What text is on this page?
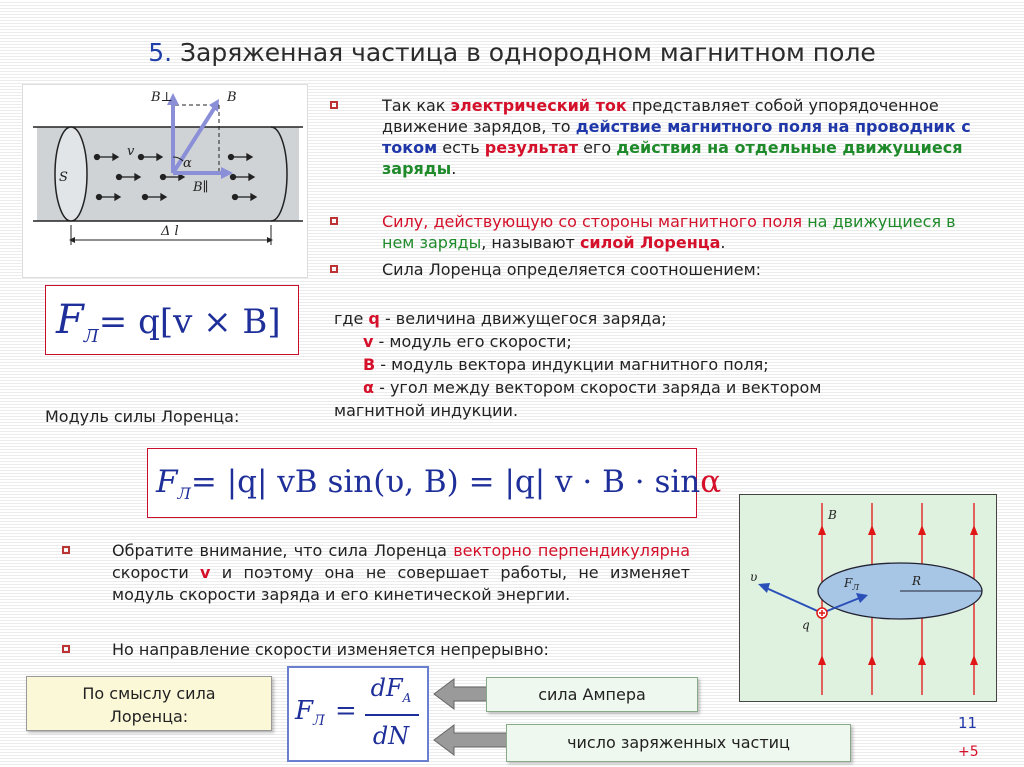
5. Заряженная частица в однородном магнитном поле
B⊥	B
v
α
B∥
S
Δ l
Так как электрический ток представляет собой упорядоченное движение зарядов, то действие магнитного поля на проводник с током есть результат его действия на отдельные движущиеся заряды.
Силу, действующую со стороны магнитного поля на движущиеся в нем заряды, называют силой Лоренца.
Сила Лоренца определяется соотношением:
$F_Л= q[v \times B]$	где q - величина движущегося заряда;
v - модуль его скорости;
B - модуль вектора индукции магнитного поля;
α - угол между вектором скорости заряда и вектором
магнитной индукции.
Модуль силы Лоренца:
$F_Л= |q|$ vB sin(υ, B) = |q| v · B · sinα
Обратите внимание, что сила Лоренца векторно перпендикулярна скорости v и поэтому она не совершает работы, не изменяет модуль скорости заряда и его кинетической энергии.
Но направление скорости изменяется непрерывно:
По смыслу сила Лоренца:	$F_Л$ =
$dF_A$
dN
сила Ампера
число заряженных частиц
B
υ	$F_Л$	R
q
11
+5
